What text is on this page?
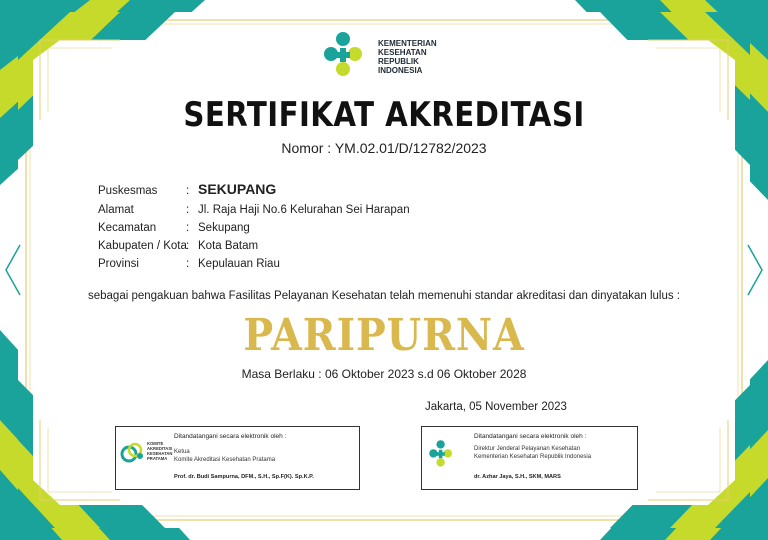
KEMENTERIAN
KESEHATAN
REPUBLIK
INDONESIA
SERTIFIKAT AKREDITASI
Nomor : YM.02.01/D/12782/2023
Puskesmas : SEKUPANG
Alamat	: Jl. Raja Haji No.6 Kelurahan Sei Harapan
Kecamatan	: Sekupang
Kabupaten / Kota: Kota Batam
Provinsi	: Kepulauan Riau
sebagai pengakuan bahwa Fasilitas Pelayanan Kesehatan telah memenuhi standar akreditasi dan dinyatakan lulus :
PARIPURNA
Masa Berlaku : 06 Oktober 2023 s.d 06 Oktober 2028
Jakarta, 05 November 2023
KOMITE
AKREDITASI
KESEHATAN
PRATAMA
Ditandatangani secara elektronik oleh :
Ketua
Komite Akreditasi Kesehatan Pratama
Prof. dr. Budi Sampurna, DFM., S.H., Sp.F(K). Sp.K.P.
Ditandatangani secara elektronik oleh :
Direktur Jenderal Pelayanan Kesehatan
Kementerian Kesehatan Republik Indonesia
dr. Azhar Jaya, S.H., SKM, MARS
